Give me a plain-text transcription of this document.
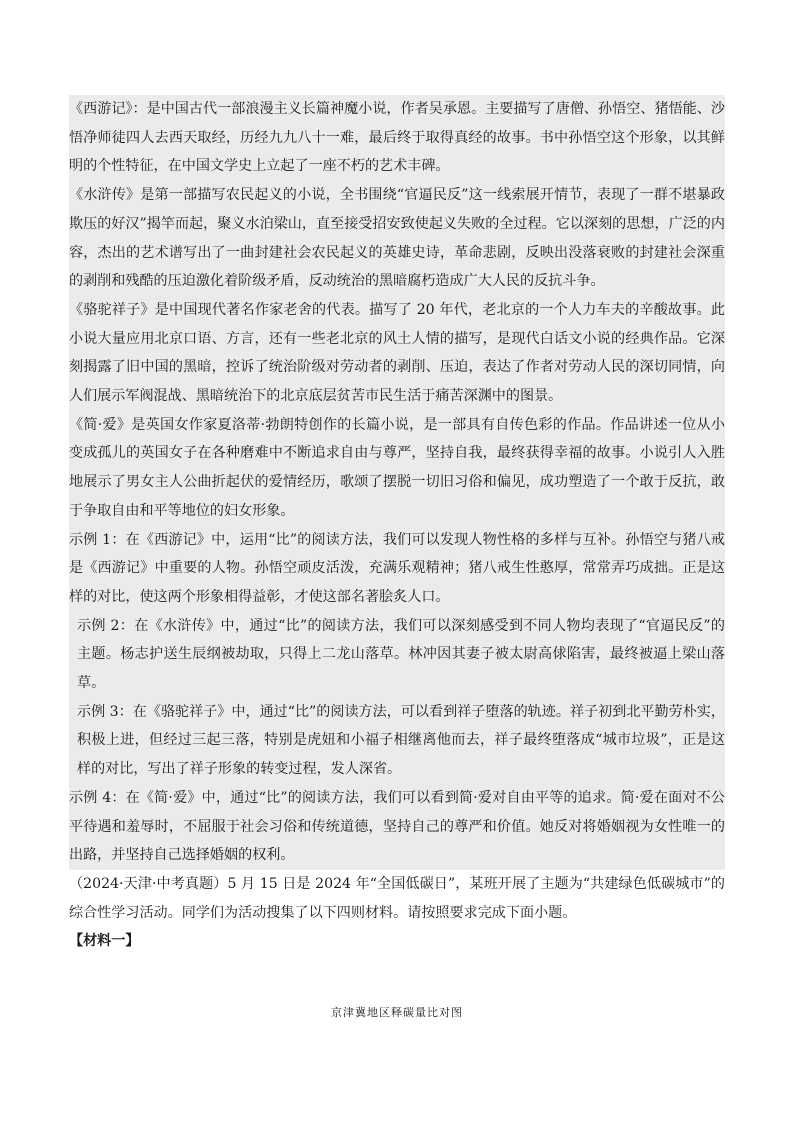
《西游记》：是中国古代一部浪漫主义长篇神魔小说，作者吴承恩。主要描写了唐僧、孙悟空、猪悟能、沙悟净师徒四人去西天取经，历经九九八十一难，最后终于取得真经的故事。书中孙悟空这个形象，以其鲜明的个性特征，在中国文学史上立起了一座不朽的艺术丰碑。

《水浒传》是第一部描写农民起义的小说，全书围绕“官逼民反”这一线索展开情节，表现了一群不堪暴政欺压的好汉”揭竿而起，聚义水泊梁山，直至接受招安致使起义失败的全过程。它以深刻的思想，广泛的内容，杰出的艺术谱写出了一曲封建社会农民起义的英雄史诗，革命悲剧，反映出没落衰败的封建社会深重的剥削和残酷的压迫激化着阶级矛盾，反动统治的黑暗腐朽造成广大人民的反抗斗争。

《骆驼祥子》是中国现代著名作家老舍的代表。描写了 20 年代，老北京的一个人力车夫的辛酸故事。此小说大量应用北京口语、方言，还有一些老北京的风土人情的描写，是现代白话文小说的经典作品。它深刻揭露了旧中国的黑暗，控诉了统治阶级对劳动者的剥削、压迫，表达了作者对劳动人民的深切同情，向人们展示军阀混战、黑暗统治下的北京底层贫苦市民生活于痛苦深渊中的图景。

《简·爱》是英国女作家夏洛蒂·勃朗特创作的长篇小说，是一部具有自传色彩的作品。作品讲述一位从小变成孤儿的英国女子在各种磨难中不断追求自由与尊严，坚持自我，最终获得幸福的故事。小说引人入胜地展示了男女主人公曲折起伏的爱情经历，歌颂了摆脱一切旧习俗和偏见，成功塑造了一个敢于反抗，敢于争取自由和平等地位的妇女形象。

示例 1：在《西游记》中，运用“比”的阅读方法，我们可以发现人物性格的多样与互补。孙悟空与猪八戒是《西游记》中重要的人物。孙悟空顽皮活泼，充满乐观精神；猪八戒生性憨厚，常常弄巧成拙。正是这样的对比，使这两个形象相得益彰，才使这部名著脍炙人口。

示例 2：在《水浒传》中，通过“比”的阅读方法，我们可以深刻感受到不同人物均表现了“官逼民反”的主题。杨志护送生辰纲被劫取，只得上二龙山落草。林冲因其妻子被太尉高俅陷害，最终被逼上梁山落草。

示例 3：在《骆驼祥子》中，通过“比”的阅读方法，可以看到祥子堕落的轨迹。祥子初到北平勤劳朴实，积极上进，但经过三起三落，特别是虎妞和小福子相继离他而去，祥子最终堕落成“城市垃圾”，正是这样的对比，写出了祥子形象的转变过程，发人深省。

示例 4：在《简·爱》中，通过“比”的阅读方法，我们可以看到简·爱对自由平等的追求。简·爱在面对不公平待遇和羞辱时，不屈服于社会习俗和传统道德，坚持自己的尊严和价值。她反对将婚姻视为女性唯一的出路，并坚持自己选择婚姻的权利。

（2024·天津·中考真题）5 月 15 日是 2024 年“全国低碳日”，某班开展了主题为“共建绿色低碳城市”的综合性学习活动。同学们为活动搜集了以下四则材料。请按照要求完成下面小题。

【材料一】

京津冀地区释碳量比对图
